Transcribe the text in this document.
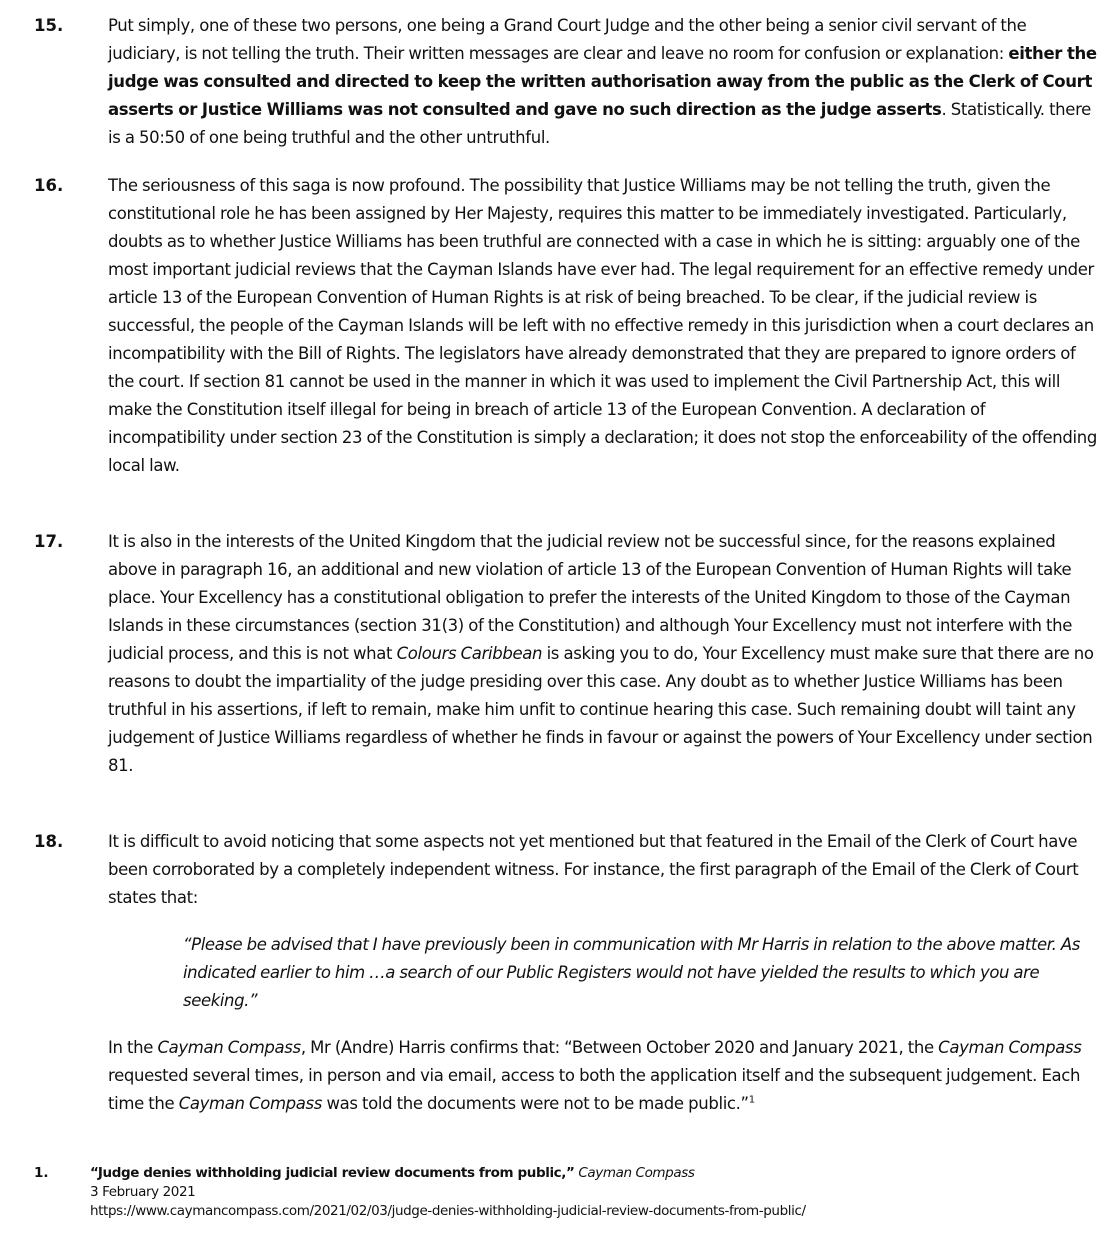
15.	Put simply, one of these two persons, one being a Grand Court Judge and the other being a senior civil servant of the judiciary, is not telling the truth. Their written messages are clear and leave no room for confusion or explanation: either the judge was consulted and directed to keep the written authorisation away from the public as the Clerk of Court asserts or Justice Williams was not consulted and gave no such direction as the judge asserts. Statistically. there is a 50:50 of one being truthful and the other untruthful.
16.	The seriousness of this saga is now profound. The possibility that Justice Williams may be not telling the truth, given the constitutional role he has been assigned by Her Majesty, requires this matter to be immediately investigated. Particularly, doubts as to whether Justice Williams has been truthful are connected with a case in which he is sitting: arguably one of the most important judicial reviews that the Cayman Islands have ever had. The legal requirement for an effective remedy under article 13 of the European Convention of Human Rights is at risk of being breached. To be clear, if the judicial review is successful, the people of the Cayman Islands will be left with no effective remedy in this jurisdiction when a court declares an incompatibility with the Bill of Rights. The legislators have already demonstrated that they are prepared to ignore orders of the court. If section 81 cannot be used in the manner in which it was used to implement the Civil Partnership Act, this will make the Constitution itself illegal for being in breach of article 13 of the European Convention. A declaration of incompatibility under section 23 of the Constitution is simply a declaration; it does not stop the enforceability of the offending local law.
17.	It is also in the interests of the United Kingdom that the judicial review not be successful since, for the reasons explained above in paragraph 16, an additional and new violation of article 13 of the European Convention of Human Rights will take place. Your Excellency has a constitutional obligation to prefer the interests of the United Kingdom to those of the Cayman Islands in these circumstances (section 31(3) of the Constitution) and although Your Excellency must not interfere with the judicial process, and this is not what Colours Caribbean is asking you to do, Your Excellency must make sure that there are no reasons to doubt the impartiality of the judge presiding over this case. Any doubt as to whether Justice Williams has been truthful in his assertions, if left to remain, make him unfit to continue hearing this case. Such remaining doubt will taint any judgement of Justice Williams regardless of whether he finds in favour or against the powers of Your Excellency under section 81.
18.	It is difficult to avoid noticing that some aspects not yet mentioned but that featured in the Email of the Clerk of Court have been corroborated by a completely independent witness. For instance, the first paragraph of the Email of the Clerk of Court states that:
“Please be advised that I have previously been in communication with Mr Harris in relation to the above matter. As indicated earlier to him …a search of our Public Registers would not have yielded the results to which you are seeking.”
In the Cayman Compass, Mr (Andre) Harris confirms that: “Between October 2020 and January 2021, the Cayman Compass requested several times, in person and via email, access to both the application itself and the subsequent judgement. Each time the Cayman Compass was told the documents were not to be made public.”$^1$
1.	“Judge denies withholding judicial review documents from public,” Cayman Compass
3 February 2021
https://www.caymancompass.com/2021/02/03/judge-denies-withholding-judicial-review-documents-from-public/
